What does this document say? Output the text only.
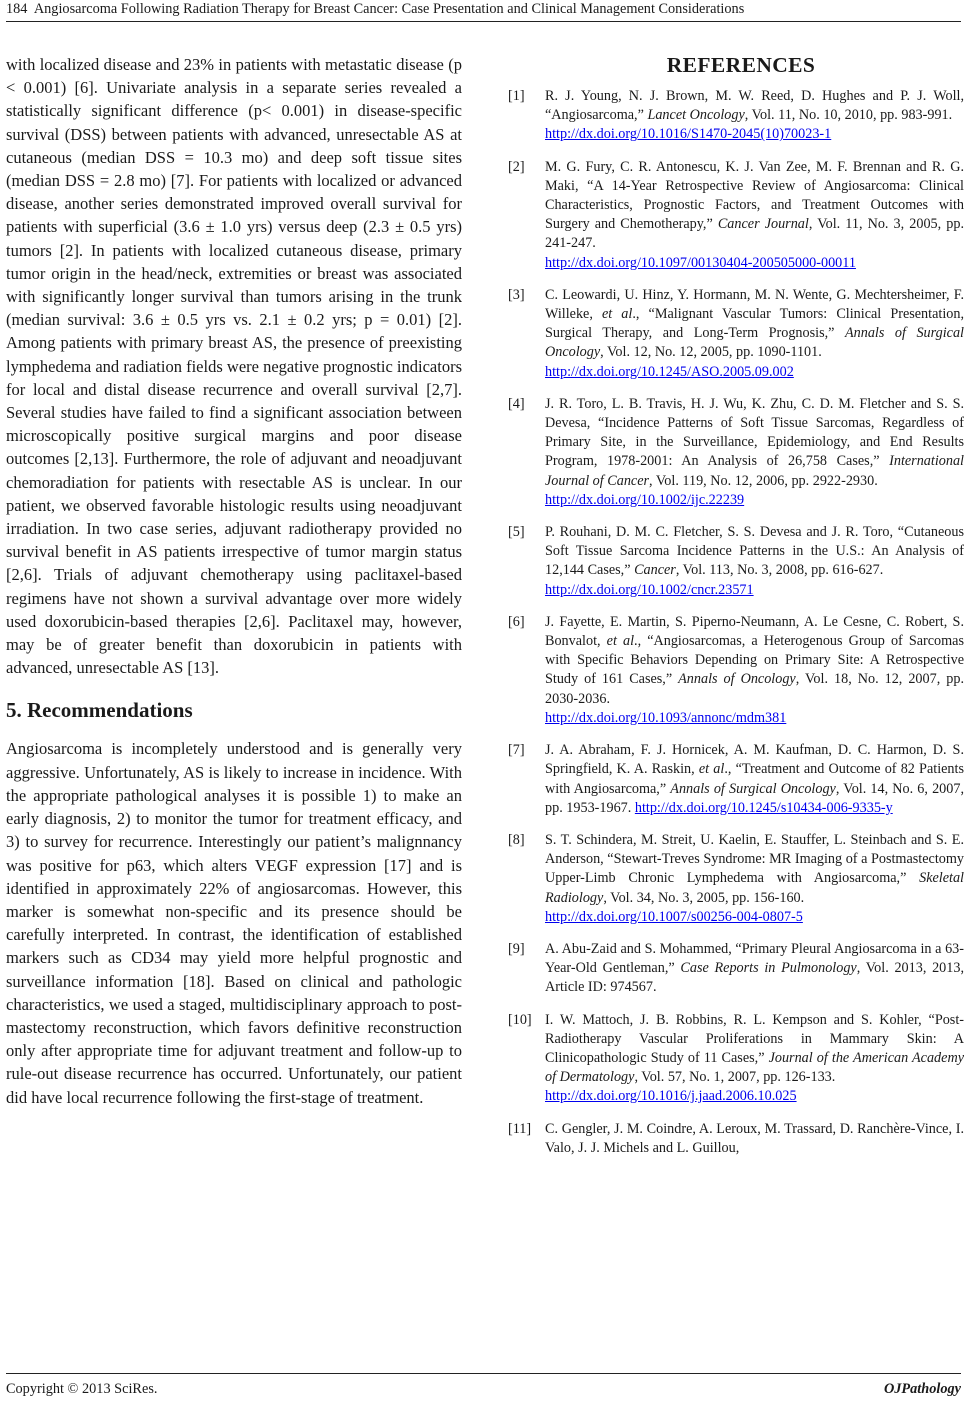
184 Angiosarcoma Following Radiation Therapy for Breast Cancer: Case Presentation and Clinical Management Considerations

with localized disease and 23% in patients with metastatic disease (p < 0.001) [6]. Univariate analysis in a separate series revealed a statistically significant difference (p< 0.001) in disease-specific survival (DSS) between patients with advanced, unresectable AS at cutaneous (median DSS = 10.3 mo) and deep soft tissue sites (median DSS = 2.8 mo) [7]. For patients with localized or advanced disease, another series demonstrated improved overall survival for patients with superficial (3.6 ± 1.0 yrs) versus deep (2.3 ± 0.5 yrs) tumors [2]. In patients with localized cutaneous disease, primary tumor origin in the head/neck, extremities or breast was associated with significantly longer survival than tumors arising in the trunk (median survival: 3.6 ± 0.5 yrs vs. 2.1 ± 0.2 yrs; p = 0.01) [2]. Among patients with primary breast AS, the presence of preexisting lymphedema and radiation fields were negative prognostic indicators for local and distal disease recurrence and overall survival [2,7]. Several studies have failed to find a significant association between microscopically positive surgical margins and poor disease outcomes [2,13]. Furthermore, the role of adjuvant and neoadjuvant chemoradiation for patients with resectable AS is unclear. In our patient, we observed favorable histologic results using neoadjuvant irradiation. In two case series, adjuvant radiotherapy provided no survival benefit in AS patients irrespective of tumor margin status [2,6]. Trials of adjuvant chemotherapy using paclitaxel-based regimens have not shown a survival advantage over more widely used doxorubicin-based therapies [2,6]. Paclitaxel may, however, may be of greater benefit than doxorubicin in patients with advanced, unresectable AS [13].

5. Recommendations

Angiosarcoma is incompletely understood and is generally very aggressive. Unfortunately, AS is likely to increase in incidence. With the appropriate pathological analyses it is possible 1) to make an early diagnosis, 2) to monitor the tumor for treatment efficacy, and 3) to survey for recurrence. Interestingly our patient’s malignnancy was positive for p63, which alters VEGF expression [17] and is identified in approximately 22% of angiosarcomas. However, this marker is somewhat non-specific and its presence should be carefully interpreted. In contrast, the identification of established markers such as CD34 may yield more helpful prognostic and surveillance information [18]. Based on clinical and pathologic characteristics, we used a staged, multidisciplinary approach to post-mastectomy reconstruction, which favors definitive reconstruction only after appropriate time for adjuvant treatment and follow-up to rule-out disease recurrence has occurred. Unfortunately, our patient did have local recurrence following the first-stage of treatment.

REFERENCES
[1]	R. J. Young, N. J. Brown, M. W. Reed, D. Hughes and P. J. Woll, “Angiosarcoma,” Lancet Oncology, Vol. 11, No. 10, 2010, pp. 983-991.
http://dx.doi.org/10.1016/S1470-2045(10)70023-1
[2]	M. G. Fury, C. R. Antonescu, K. J. Van Zee, M. F. Brennan and R. G. Maki, “A 14-Year Retrospective Review of Angiosarcoma: Clinical Characteristics, Prognostic Factors, and Treatment Outcomes with Surgery and Chemotherapy,” Cancer Journal, Vol. 11, No. 3, 2005, pp. 241-247.
http://dx.doi.org/10.1097/00130404-200505000-00011
[3]	C. Leowardi, U. Hinz, Y. Hormann, M. N. Wente, G. Mechtersheimer, F. Willeke, et al., “Malignant Vascular Tumors: Clinical Presentation, Surgical Therapy, and Long-Term Prognosis,” Annals of Surgical Oncology, Vol. 12, No. 12, 2005, pp. 1090-1101.
http://dx.doi.org/10.1245/ASO.2005.09.002
[4]	J. R. Toro, L. B. Travis, H. J. Wu, K. Zhu, C. D. M. Fletcher and S. S. Devesa, “Incidence Patterns of Soft Tissue Sarcomas, Regardless of Primary Site, in the Surveillance, Epidemiology, and End Results Program, 1978-2001: An Analysis of 26,758 Cases,” International Journal of Cancer, Vol. 119, No. 12, 2006, pp. 2922-2930.
http://dx.doi.org/10.1002/ijc.22239
[5]	P. Rouhani, D. M. C. Fletcher, S. S. Devesa and J. R. Toro, “Cutaneous Soft Tissue Sarcoma Incidence Patterns in the U.S.: An Analysis of 12,144 Cases,” Cancer, Vol. 113, No. 3, 2008, pp. 616-627.
http://dx.doi.org/10.1002/cncr.23571
[6]	J. Fayette, E. Martin, S. Piperno-Neumann, A. Le Cesne, C. Robert, S. Bonvalot, et al., “Angiosarcomas, a Heterogenous Group of Sarcomas with Specific Behaviors Depending on Primary Site: A Retrospective Study of 161 Cases,” Annals of Oncology, Vol. 18, No. 12, 2007, pp. 2030-2036.
http://dx.doi.org/10.1093/annonc/mdm381
[7]	J. A. Abraham, F. J. Hornicek, A. M. Kaufman, D. C. Harmon, D. S. Springfield, K. A. Raskin, et al., “Treatment and Outcome of 82 Patients with Angiosarcoma,” Annals of Surgical Oncology, Vol. 14, No. 6, 2007, pp. 1953-1967. http://dx.doi.org/10.1245/s10434-006-9335-y
[8]	S. T. Schindera, M. Streit, U. Kaelin, E. Stauffer, L. Steinbach and S. E. Anderson, “Stewart-Treves Syndrome: MR Imaging of a Postmastectomy Upper-Limb Chronic Lymphedema with Angiosarcoma,” Skeletal Radiology, Vol. 34, No. 3, 2005, pp. 156-160.
http://dx.doi.org/10.1007/s00256-004-0807-5
[9]	A. Abu-Zaid and S. Mohammed, “Primary Pleural Angiosarcoma in a 63-Year-Old Gentleman,” Case Reports in Pulmonology, Vol. 2013, 2013, Article ID: 974567.
[10] I. W. Mattoch, J. B. Robbins, R. L. Kempson and S. Kohler, “Post-Radiotherapy Vascular Proliferations in Mammary Skin: A Clinicopathologic Study of 11 Cases,” Journal of the American Academy of Dermatology, Vol. 57, No. 1, 2007, pp. 126-133.
http://dx.doi.org/10.1016/j.jaad.2006.10.025
[11] C. Gengler, J. M. Coindre, A. Leroux, M. Trassard, D. Ranchère-Vince, I. Valo, J. J. Michels and L. Guillou,
Copyright © 2013 SciRes.	OJPathology
